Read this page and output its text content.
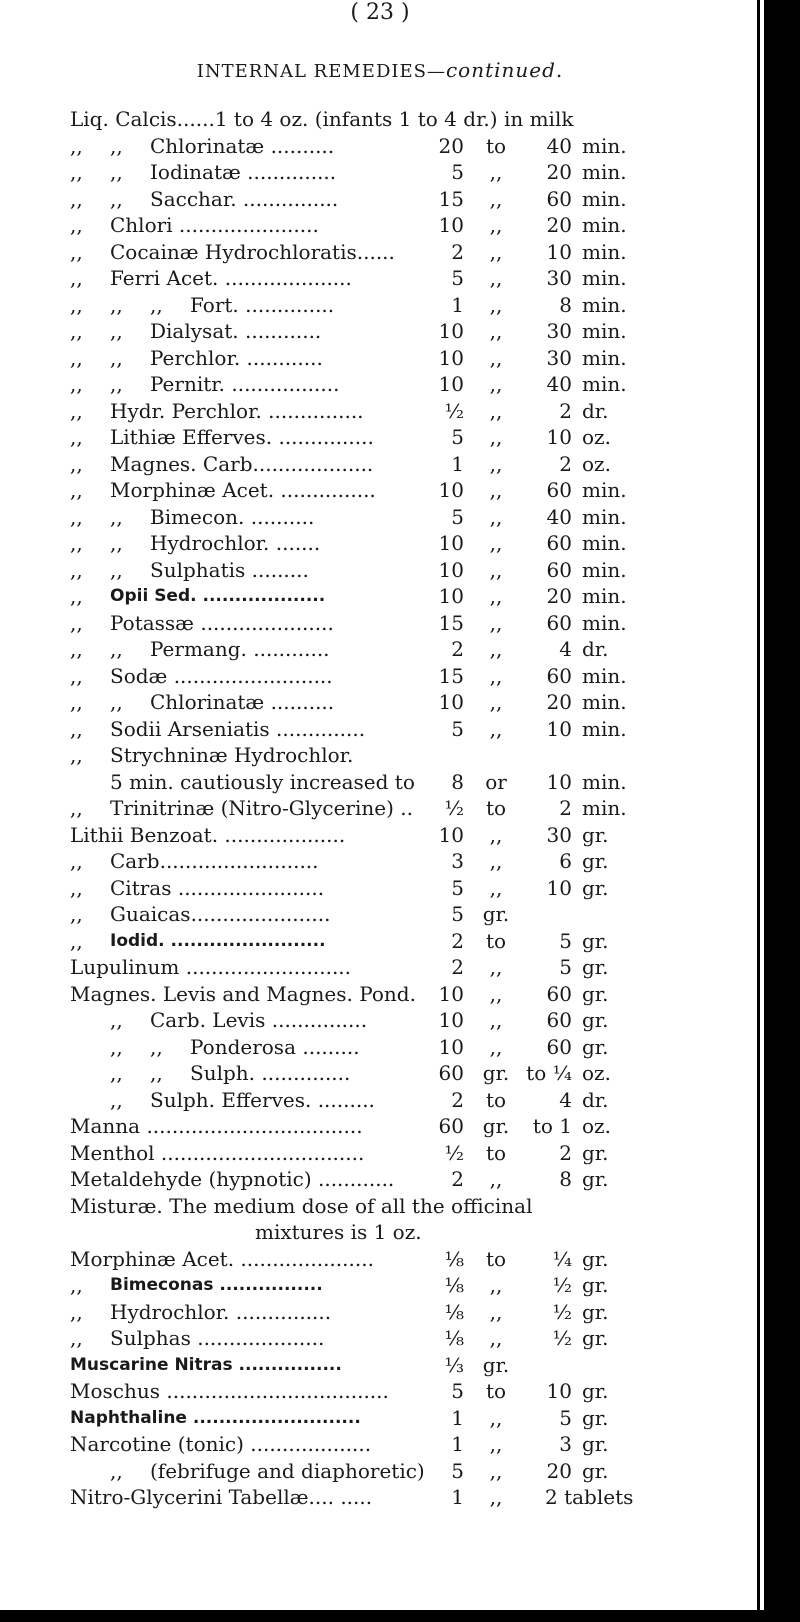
( 23 )
INTERNAL REMEDIES—continued.
Liq. Calcis......1 to 4 oz. (infants 1 to 4 dr.) in milk
,, ,, Chlorinatæ ..........	20	to	40 min.
,, ,, Iodinatæ ..............	5	,,	20 min.
,, ,, Sacchar. ...............	15	,,	60 min.
,, Chlori ......................	10	,,	20 min.
,, Cocainæ Hydrochloratis......	2	,,	10 min.
,, Ferri Acet. ....................	5	,,	30 min.
,, ,, ,, Fort. ..............	1	,,	8 min.
,, ,, Dialysat. ............	10	,,	30 min.
,, ,, Perchlor. ............	10	,,	30 min.
,, ,, Pernitr. .................	10	,,	40 min.
,, Hydr. Perchlor. ...............	½	,,	2 dr.
,, Lithiæ Efferves. ...............	5	,,	10 oz.
,, Magnes. Carb...................	1	,,	2 oz.
,, Morphinæ Acet. ...............	10	,,	60 min.
,, ,, Bimecon. ..........	5	,,	40 min.
,, ,, Hydrochlor. .......	10	,,	60 min.
,, ,, Sulphatis .........	10	,,	60 min.
,, Opii Sed. ...................	10	,,	20 min.
,, Potassæ .....................	15	,,	60 min.
,, ,, Permang. ............	2	,,	4 dr.
,, Sodæ .........................	15	,,	60 min.
,, ,, Chlorinatæ ..........	10	,,	20 min.
,, Sodii Arseniatis ..............	5	,,	10 min.
,, Strychninæ Hydrochlor.
5 min. cautiously increased to	8	or	10 min.
,, Trinitrinæ (Nitro-Glycerine) ..	½	to	2 min.
Lithii Benzoat. ...................	10	,,	30 gr.
,, Carb.........................	3	,,	6 gr.
,, Citras .......................	5	,,	10 gr.
,, Guaicas......................	5 gr.
,, Iodid. ........................	2	to	5 gr.
Lupulinum ..........................	2	,,	5 gr.
Magnes. Levis and Magnes. Pond.	10	,,	60 gr.
,, Carb. Levis ...............	10	,,	60 gr.
,, ,, Ponderosa .........	10	,,	60 gr.
,, ,, Sulph. ..............	60 gr. to ¼ oz.
,, Sulph. Efferves. .........	2	to	4 dr.
Manna ..................................	60 gr.	to 1 oz.
Menthol ................................	½	to	2 gr.
Metaldehyde (hypnotic) ............	2	,,	8 gr.
Misturæ. The medium dose of all the officinal
mixtures is 1 oz.
Morphinæ Acet. .....................	⅛	to	¼ gr.
,, Bimeconas ................	⅛	,,	½ gr.
,, Hydrochlor. ...............	⅛	,,	½ gr.
,, Sulphas ....................	⅛	,,	½ gr.
Muscarine Nitras ................	⅓ gr.
Moschus ...................................	5	to	10 gr.
Naphthaline ..........................	1	,,	5 gr.
Narcotine (tonic) ...................	1	,,	3 gr.
,, (febrifuge and diaphoretic)	5	,,	20 gr.
Nitro-Glycerini Tabellæ.... .....	1	,,	2 tablets
